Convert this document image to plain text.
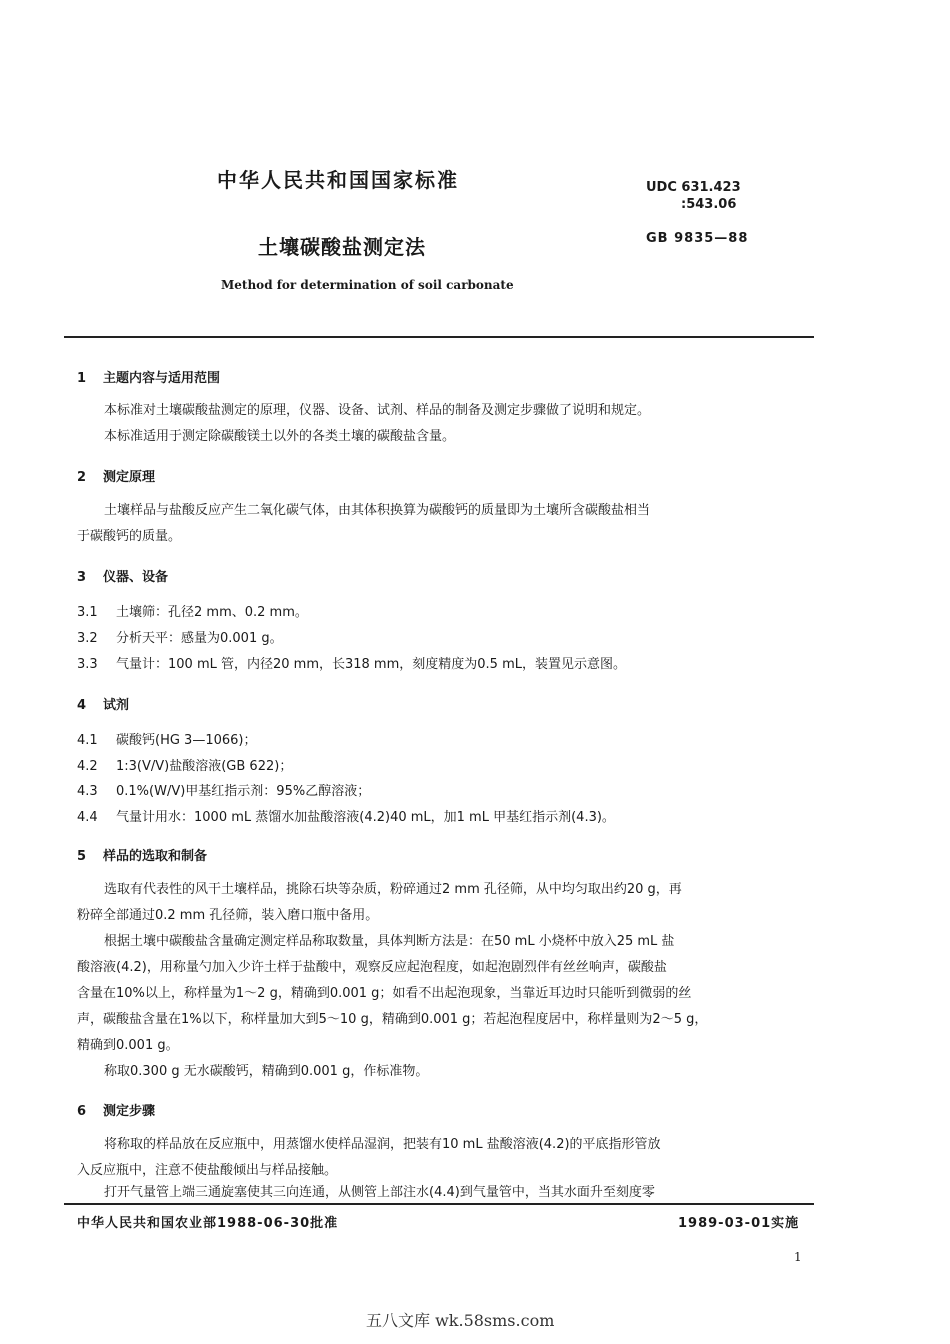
中华人民共和国国家标准	UDC 631.423
:543.06
土壤碳酸盐测定法	GB 9835—88
Method for determination of soil carbonate
1 主题内容与适用范围
本标准对土壤碳酸盐测定的原理，仪器、设备、试剂、样品的制备及测定步骤做了说明和规定。
本标准适用于测定除碳酸镁土以外的各类土壤的碳酸盐含量。
2 测定原理
土壤样品与盐酸反应产生二氧化碳气体，由其体积换算为碳酸钙的质量即为土壤所含碳酸盐相当
于碳酸钙的质量。
3 仪器、设备
3.1 土壤筛：孔径2 mm、0.2 mm。
3.2 分析天平：感量为0.001 g。
3.3 气量计：100 mL 管，内径20 mm，长318 mm，刻度精度为0.5 mL，装置见示意图。
4 试剂
4.1 碳酸钙(HG 3—1066)；
4.2 1:3(V/V)盐酸溶液(GB 622)；
4.3 0.1%(W/V)甲基红指示剂：95%乙醇溶液；
4.4 气量计用水：1000 mL 蒸馏水加盐酸溶液(4.2)40 mL，加1 mL 甲基红指示剂(4.3)。
5 样品的选取和制备
选取有代表性的风干土壤样品，挑除石块等杂质，粉碎通过2 mm 孔径筛，从中均匀取出约20 g，再
粉碎全部通过0.2 mm 孔径筛，装入磨口瓶中备用。
根据土壤中碳酸盐含量确定测定样品称取数量，具体判断方法是：在50 mL 小烧杯中放入25 mL 盐
酸溶液(4.2)，用称量勺加入少许土样于盐酸中，观察反应起泡程度，如起泡剧烈伴有丝丝响声，碳酸盐
含量在10%以上，称样量为1～2 g，精确到0.001 g；如看不出起泡现象，当靠近耳边时只能听到微弱的丝
声，碳酸盐含量在1%以下，称样量加大到5～10 g，精确到0.001 g；若起泡程度居中，称样量则为2～5 g，
精确到0.001 g。
称取0.300 g 无水碳酸钙，精确到0.001 g，作标准物。
6 测定步骤
将称取的样品放在反应瓶中，用蒸馏水使样品湿润，把装有10 mL 盐酸溶液(4.2)的平底指形管放
入反应瓶中，注意不使盐酸倾出与样品接触。
打开气量管上端三通旋塞使其三向连通，从侧管上部注水(4.4)到气量管中，当其水面升至刻度零
中华人民共和国农业部1988-06-30批准	1989-03-01实施
1
五八文库 wk.58sms.com
